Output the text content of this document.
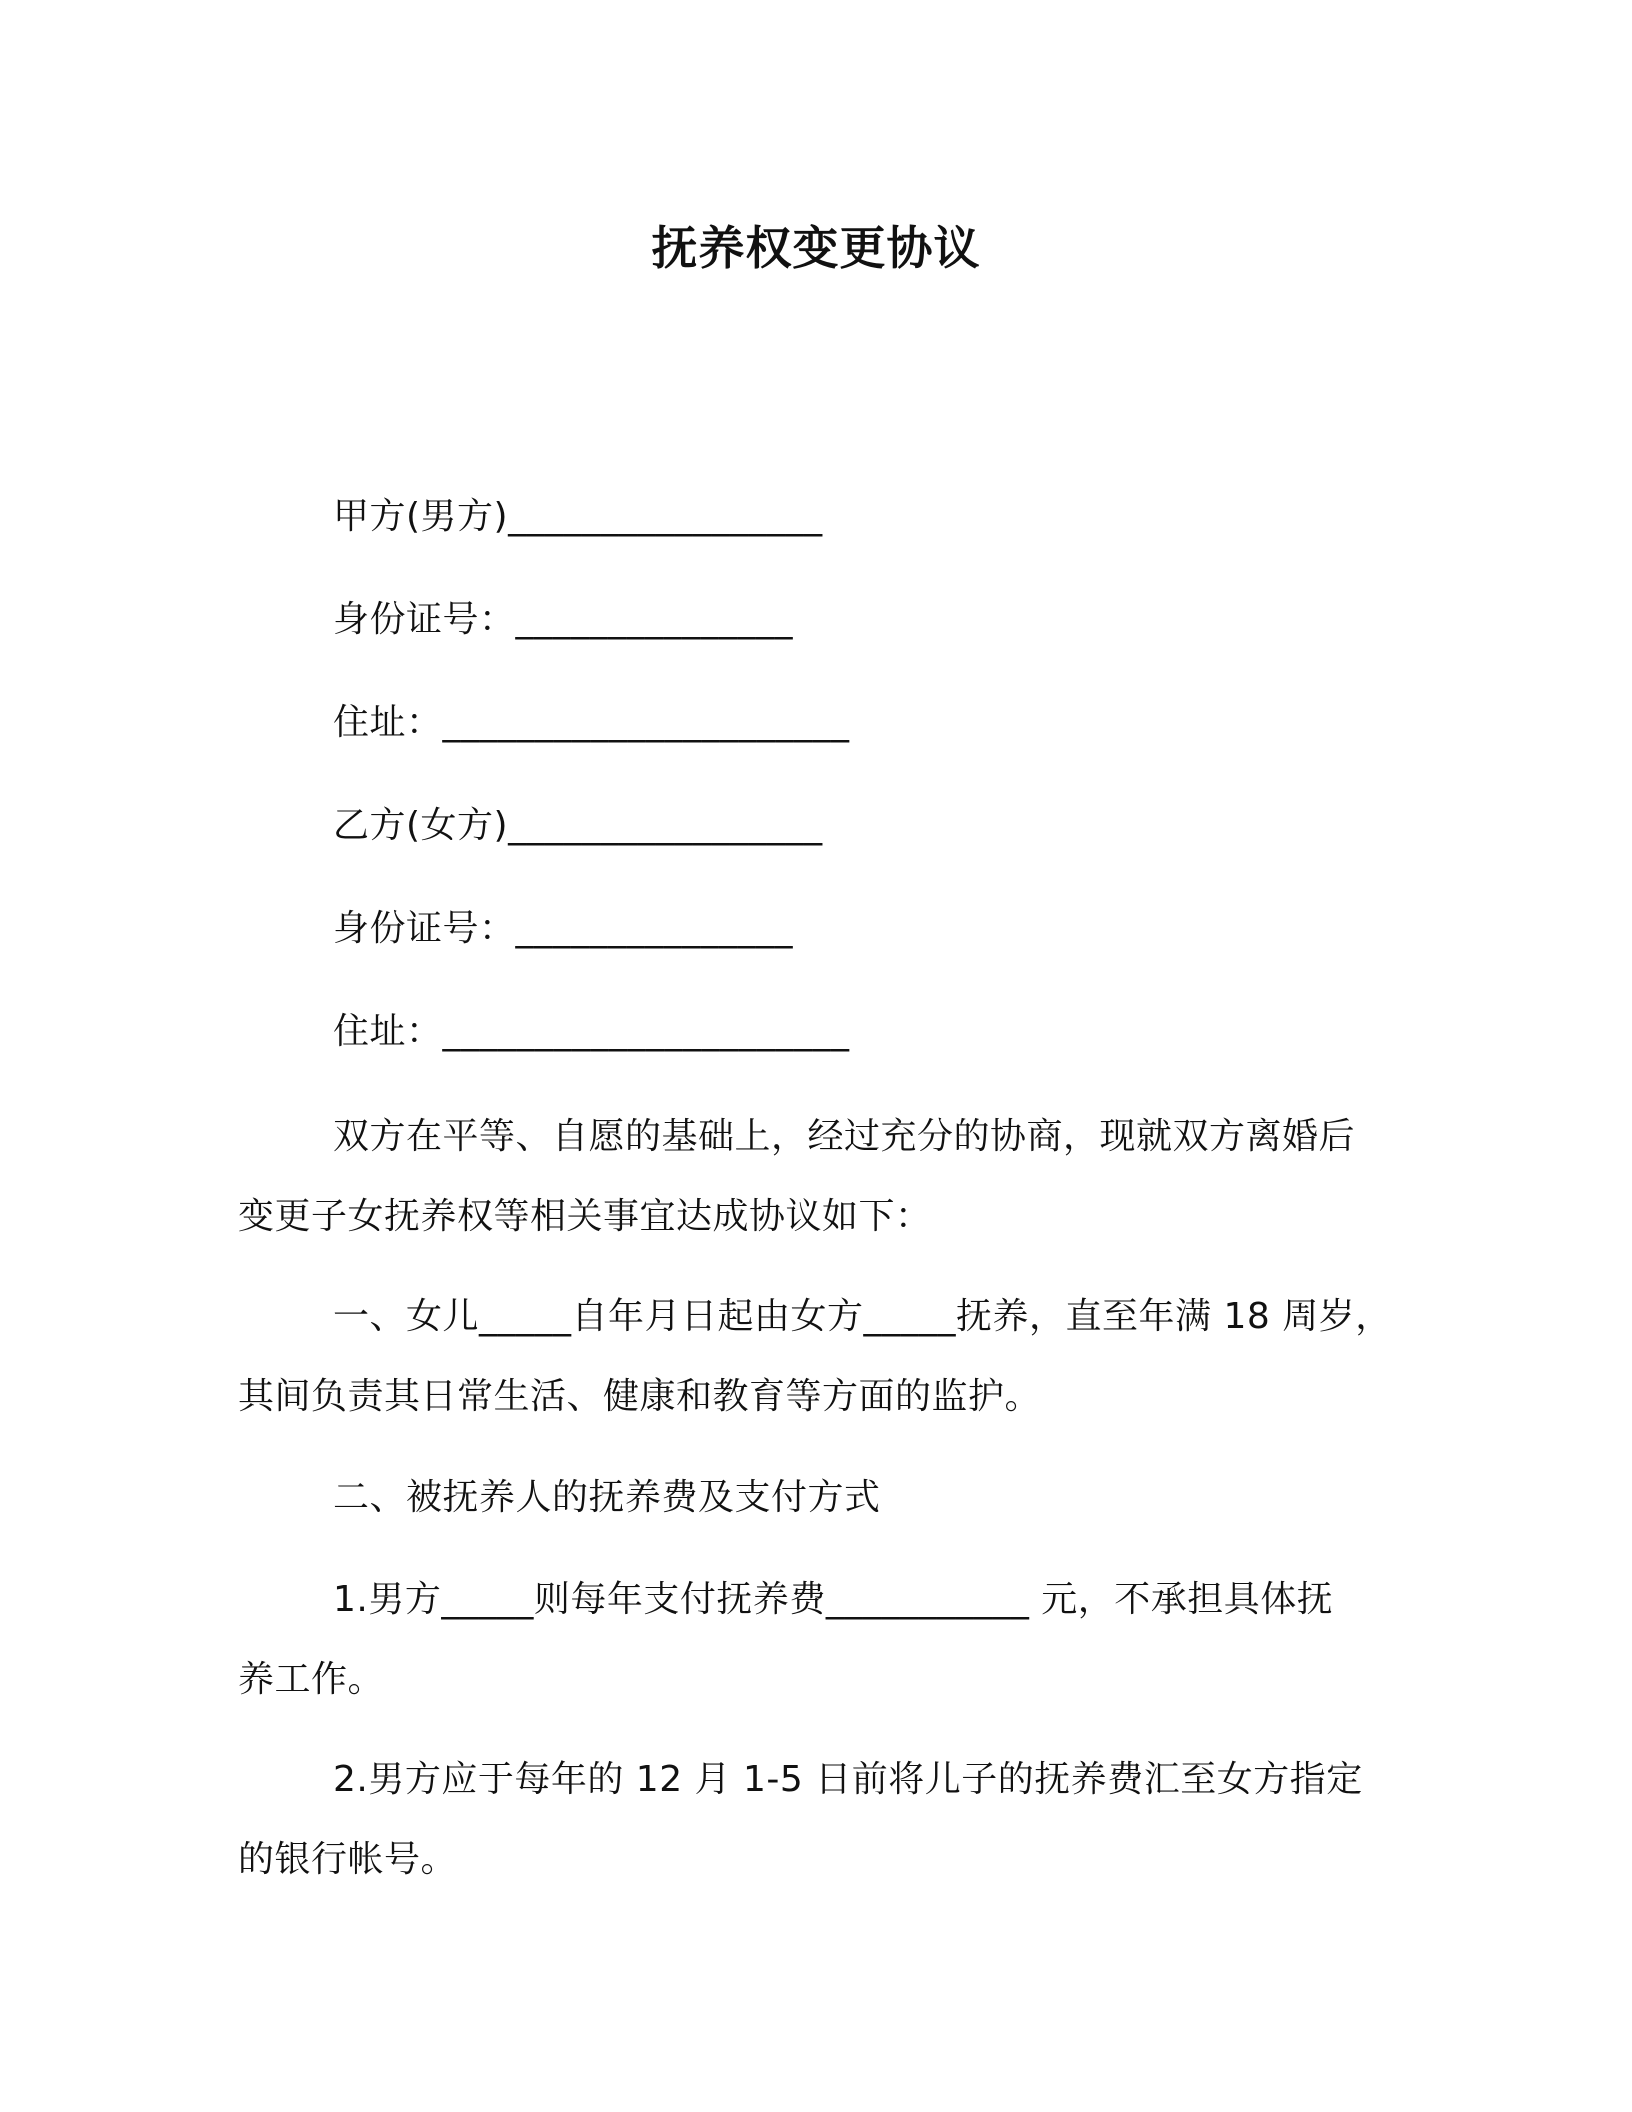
抚养权变更协议
甲方(男方)_________________
身份证号：_______________
住址：______________________
乙方(女方)_________________
身份证号：_______________
住址：______________________
双方在平等、自愿的基础上，经过充分的协商，现就双方离婚后
变更子女抚养权等相关事宜达成协议如下：
一、女儿_____自年月日起由女方_____抚养，直至年满 18 周岁，
其间负责其日常生活、健康和教育等方面的监护。
二、被抚养人的抚养费及支付方式
1.男方_____则每年支付抚养费___________ 元，不承担具体抚
养工作。
2.男方应于每年的 12 月 1-5 日前将儿子的抚养费汇至女方指定
的银行帐号。
